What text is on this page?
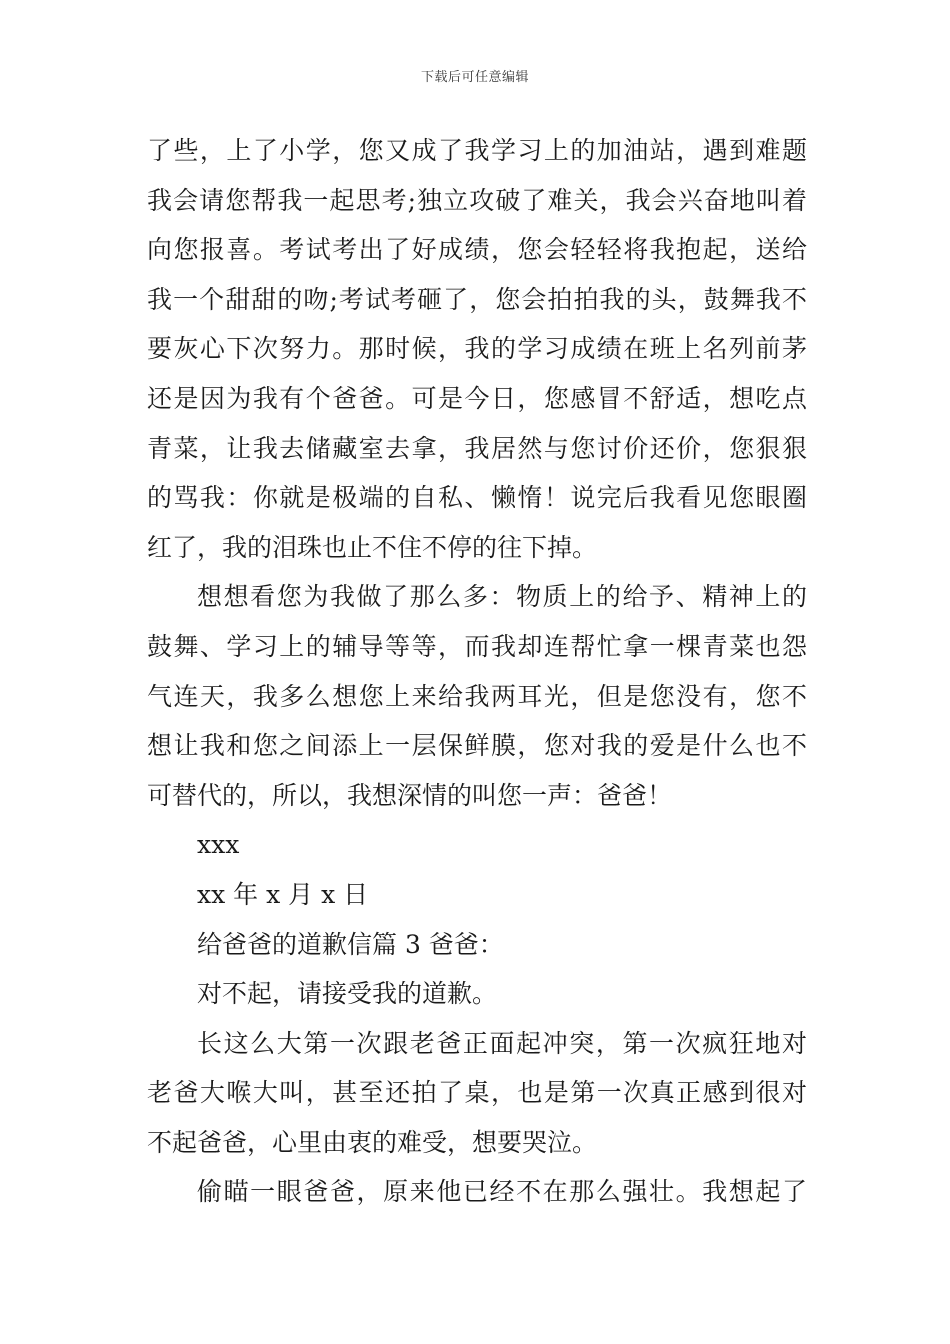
下载后可任意编辑
了些，上了小学，您又成了我学习上的加油站，遇到难题
我会请您帮我一起思考;独立攻破了难关，我会兴奋地叫着
向您报喜。考试考出了好成绩，您会轻轻将我抱起，送给
我一个甜甜的吻;考试考砸了，您会拍拍我的头，鼓舞我不
要灰心下次努力。那时候，我的学习成绩在班上名列前茅
还是因为我有个爸爸。可是今日，您感冒不舒适，想吃点
青菜，让我去储藏室去拿，我居然与您讨价还价，您狠狠
的骂我：你就是极端的自私、懒惰！说完后我看见您眼圈
红了，我的泪珠也止不住不停的往下掉。
想想看您为我做了那么多：物质上的给予、精神上的
鼓舞、学习上的辅导等等，而我却连帮忙拿一棵青菜也怨
气连天，我多么想您上来给我两耳光，但是您没有，您不
想让我和您之间添上一层保鲜膜，您对我的爱是什么也不
可替代的，所以，我想深情的叫您一声：爸爸！
xxx
xx 年 x 月 x 日
给爸爸的道歉信篇 3 爸爸：
对不起，请接受我的道歉。
长这么大第一次跟老爸正面起冲突，第一次疯狂地对
老爸大喉大叫，甚至还拍了桌，也是第一次真正感到很对
不起爸爸，心里由衷的难受，想要哭泣。
偷瞄一眼爸爸，原来他已经不在那么强壮。我想起了
